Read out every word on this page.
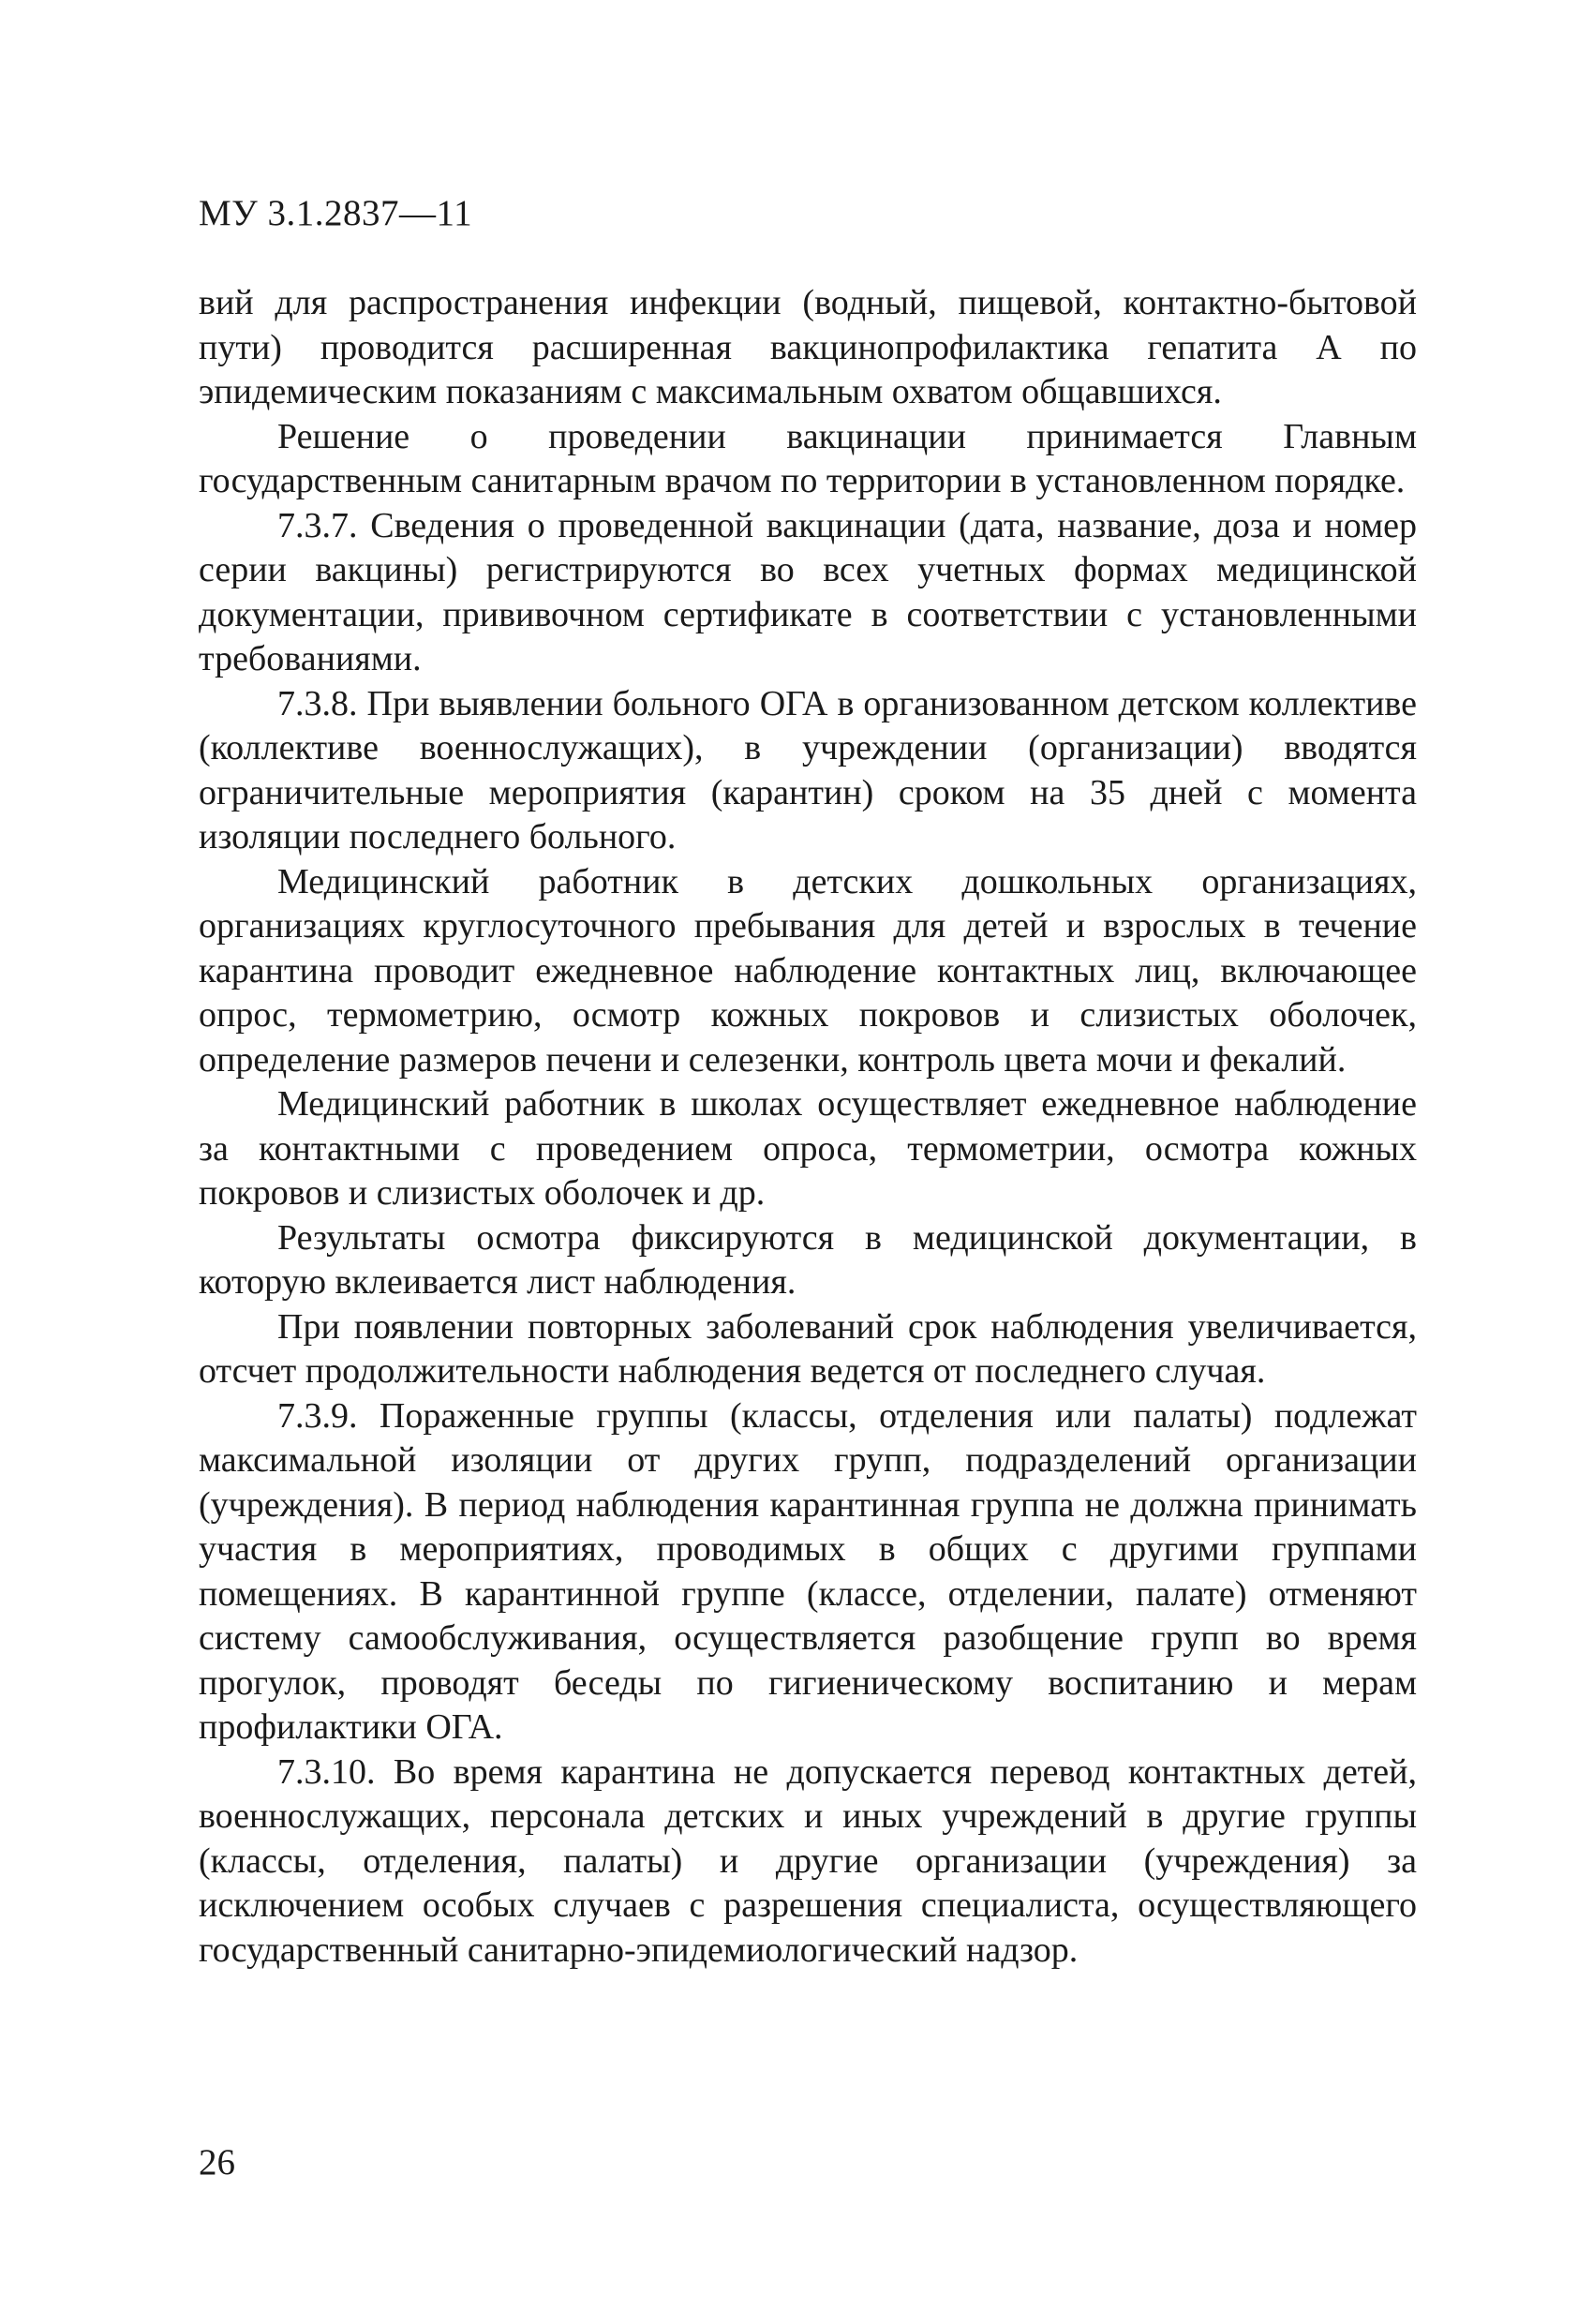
МУ 3.1.2837—11

вий для распространения инфекции (водный, пищевой, контактно-бытовой пути) проводится расширенная вакцинопрофилактика гепатита А по эпидемическим показаниям с максимальным охватом общавшихся.

Решение о проведении вакцинации принимается Главным государственным санитарным врачом по территории в установленном порядке.

7.3.7. Сведения о проведенной вакцинации (дата, название, доза и номер серии вакцины) регистрируются во всех учетных формах медицинской документации, прививочном сертификате в соответствии с установленными требованиями.

7.3.8. При выявлении больного ОГА в организованном детском коллективе (коллективе военнослужащих), в учреждении (организации) вводятся ограничительные мероприятия (карантин) сроком на 35 дней с момента изоляции последнего больного.

Медицинский работник в детских дошкольных организациях, организациях круглосуточного пребывания для детей и взрослых в течение карантина проводит ежедневное наблюдение контактных лиц, включающее опрос, термометрию, осмотр кожных покровов и слизистых оболочек, определение размеров печени и селезенки, контроль цвета мочи и фекалий.

Медицинский работник в школах осуществляет ежедневное наблюдение за контактными с проведением опроса, термометрии, осмотра кожных покровов и слизистых оболочек и др.

Результаты осмотра фиксируются в медицинской документации, в которую вклеивается лист наблюдения.

При появлении повторных заболеваний срок наблюдения увеличивается, отсчет продолжительности наблюдения ведется от последнего случая.

7.3.9. Пораженные группы (классы, отделения или палаты) подлежат максимальной изоляции от других групп, подразделений организации (учреждения). В период наблюдения карантинная группа не должна принимать участия в мероприятиях, проводимых в общих с другими группами помещениях. В карантинной группе (классе, отделении, палате) отменяют систему самообслуживания, осуществляется разобщение групп во время прогулок, проводят беседы по гигиеническому воспитанию и мерам профилактики ОГА.

7.3.10. Во время карантина не допускается перевод контактных детей, военнослужащих, персонала детских и иных учреждений в другие группы (классы, отделения, палаты) и другие организации (учреждения) за исключением особых случаев с разрешения специалиста, осуществляющего государственный санитарно-эпидемиологический надзор.

26
